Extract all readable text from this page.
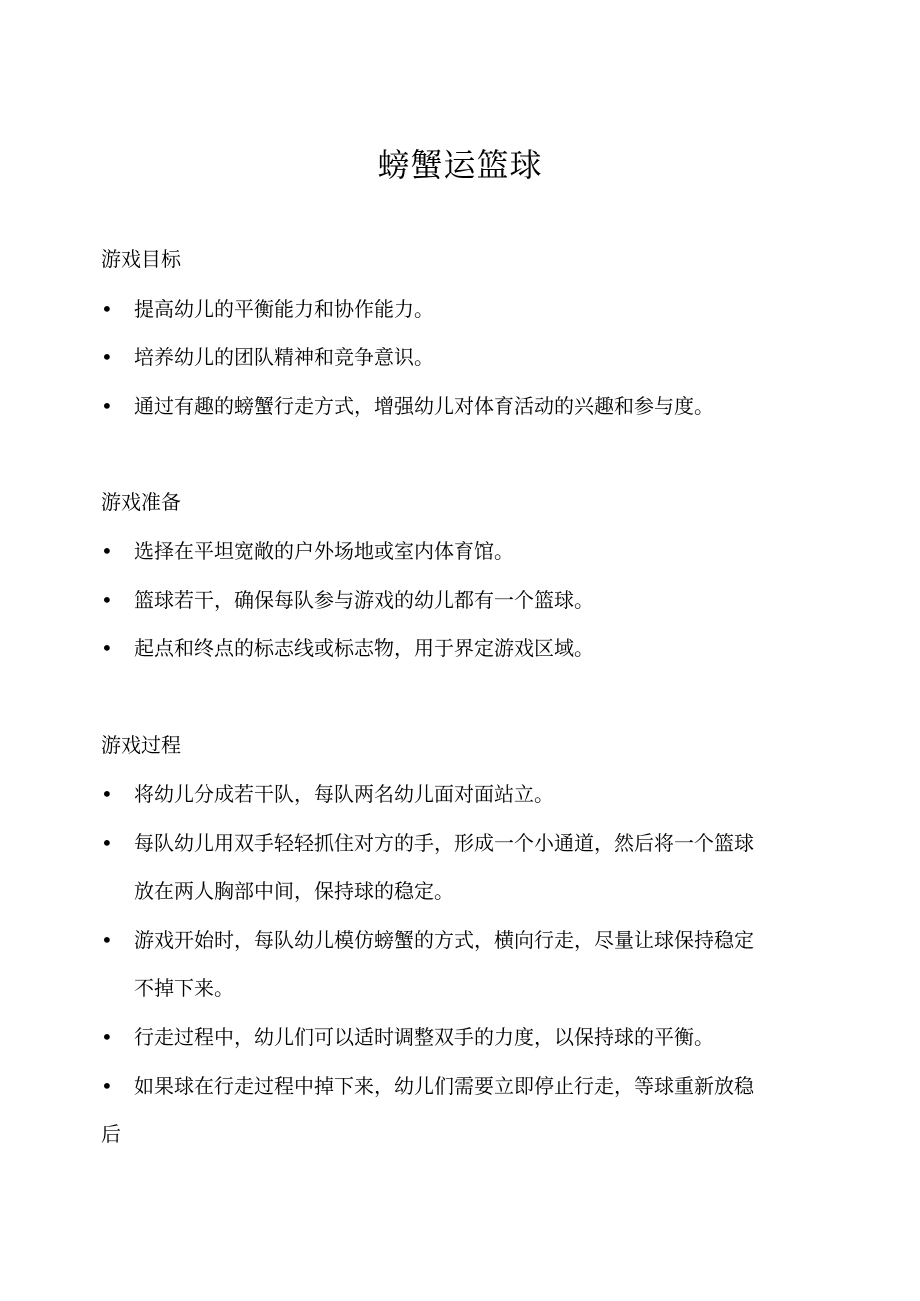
螃蟹运篮球
游戏目标
• 提高幼儿的平衡能力和协作能力。
• 培养幼儿的团队精神和竞争意识。
• 通过有趣的螃蟹行走方式，增强幼儿对体育活动的兴趣和参与度。
游戏准备
• 选择在平坦宽敞的户外场地或室内体育馆。
• 篮球若干，确保每队参与游戏的幼儿都有一个篮球。
• 起点和终点的标志线或标志物，用于界定游戏区域。
游戏过程
• 将幼儿分成若干队，每队两名幼儿面对面站立。
• 每队幼儿用双手轻轻抓住对方的手，形成一个小通道，然后将一个篮球
放在两人胸部中间，保持球的稳定。
• 游戏开始时，每队幼儿模仿螃蟹的方式，横向行走，尽量让球保持稳定
不掉下来。
• 行走过程中，幼儿们可以适时调整双手的力度，以保持球的平衡。
• 如果球在行走过程中掉下来，幼儿们需要立即停止行走，等球重新放稳
后
